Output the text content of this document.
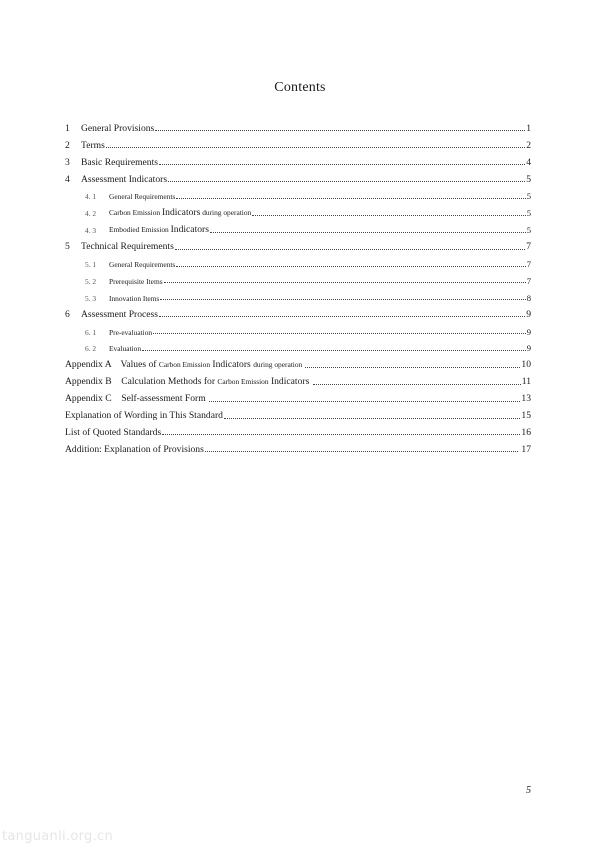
Contents
1	General Provisions	1
2	Terms	2
3	Basic Requirements	4
4	Assessment Indicators	5
4. 1	General Requirements	5
4. 2	Carbon Emission Indicators during operation	5
4. 3	Embodied Emission Indicators	5
5	Technical Requirements	7
5. 1	General Requirements	7
5. 2	Prerequisite Items	7
5. 3	Innovation Items	8
6	Assessment Process	9
6. 1	Pre-evaluation	9
6. 2	Evaluation	9
Appendix A    Values of Carbon Emission Indicators during operation	10
Appendix B    Calculation Methods for Carbon Emission Indicators	11
Appendix C    Self-assessment Form	13
Explanation of Wording in This Standard	15
List of Quoted Standards	16
Addition: Explanation of Provisions	17
5
tanguanli.org.cn
